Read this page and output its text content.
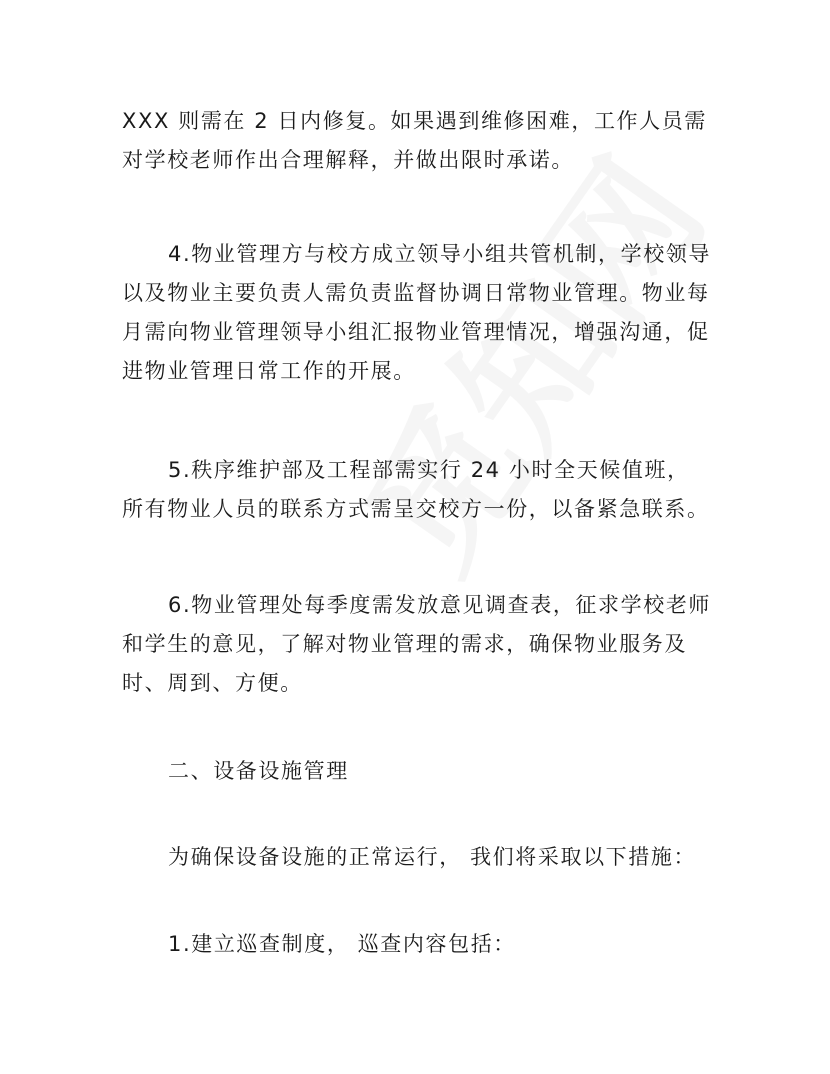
XXX 则需在 2 日内修复。如果遇到维修困难，工作人员需对学校老师作出合理解释，并做出限时承诺。

4.物业管理方与校方成立领导小组共管机制，学校领导以及物业主要负责人需负责监督协调日常物业管理。物业每月需向物业管理领导小组汇报物业管理情况，增强沟通，促进物业管理日常工作的开展。

5.秩序维护部及工程部需实行 24 小时全天候值班，所有物业人员的联系方式需呈交校方一份，以备紧急联系。

6.物业管理处每季度需发放意见调查表，征求学校老师和学生的意见，了解对物业管理的需求，确保物业服务及时、周到、方便。

二、设备设施管理

为确保设备设施的正常运行， 我们将采取以下措施：

1.建立巡查制度， 巡查内容包括：
